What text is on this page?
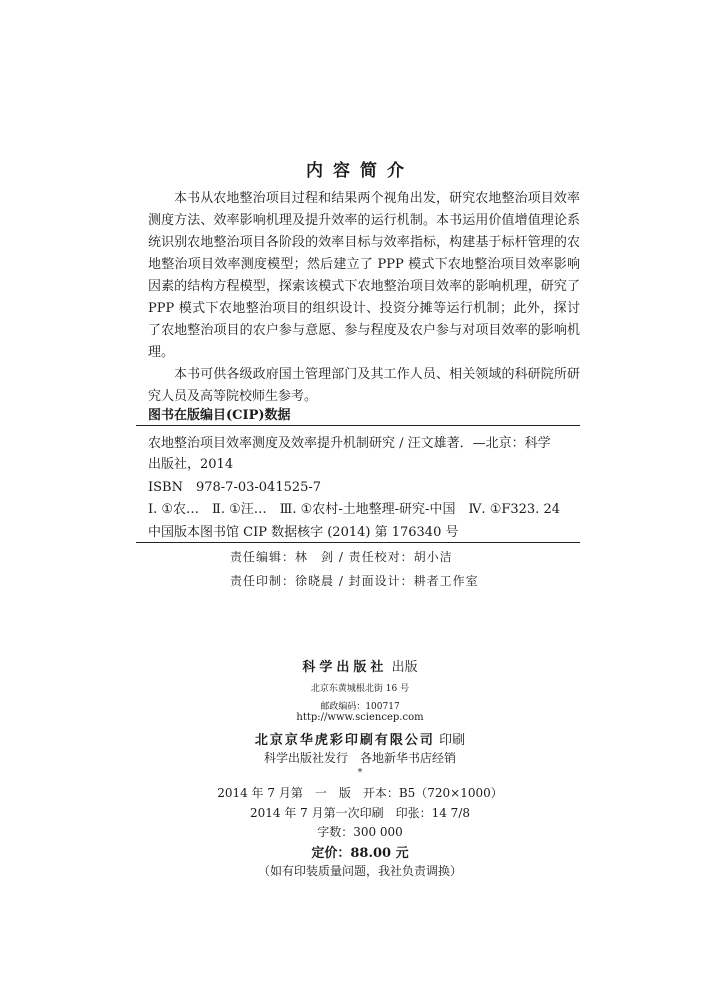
内容简介

本书从农地整治项目过程和结果两个视角出发，研究农地整治项目效率测度方法、效率影响机理及提升效率的运行机制。本书运用价值增值理论系统识别农地整治项目各阶段的效率目标与效率指标，构建基于标杆管理的农地整治项目效率测度模型；然后建立了 PPP 模式下农地整治项目效率影响因素的结构方程模型，探索该模式下农地整治项目效率的影响机理，研究了 PPP 模式下农地整治项目的组织设计、投资分摊等运行机制；此外，探讨了农地整治项目的农户参与意愿、参与程度及农户参与对项目效率的影响机理。

本书可供各级政府国土管理部门及其工作人员、相关领域的科研院所研究人员及高等院校师生参考。

图书在版编目(CIP)数据
农地整治项目效率测度及效率提升机制研究 / 汪文雄著．—北京：科学
出版社，2014
ISBN　978-7-03-041525-7
Ⅰ. ①农…　Ⅱ. ①汪…　Ⅲ. ①农村-土地整理-研究-中国　Ⅳ. ①F323. 24
中国版本图书馆 CIP 数据核字 (2014) 第 176340 号
责任编辑：林　剑 / 责任校对：胡小洁
责任印制：徐晓晨 / 封面设计：耕者工作室
科学出版社 出版
北京东黄城根北街 16 号
邮政编码：100717
http://www.sciencep.com
北京京华虎彩印刷有限公司 印刷
科学出版社发行　各地新华书店经销
*
2014 年 7 月第　一　版　开本：B5（720×1000）
2014 年 7 月第一次印刷　印张：14 7/8
字数：300 000
定价：88.00 元
（如有印装质量问题，我社负责调换）
